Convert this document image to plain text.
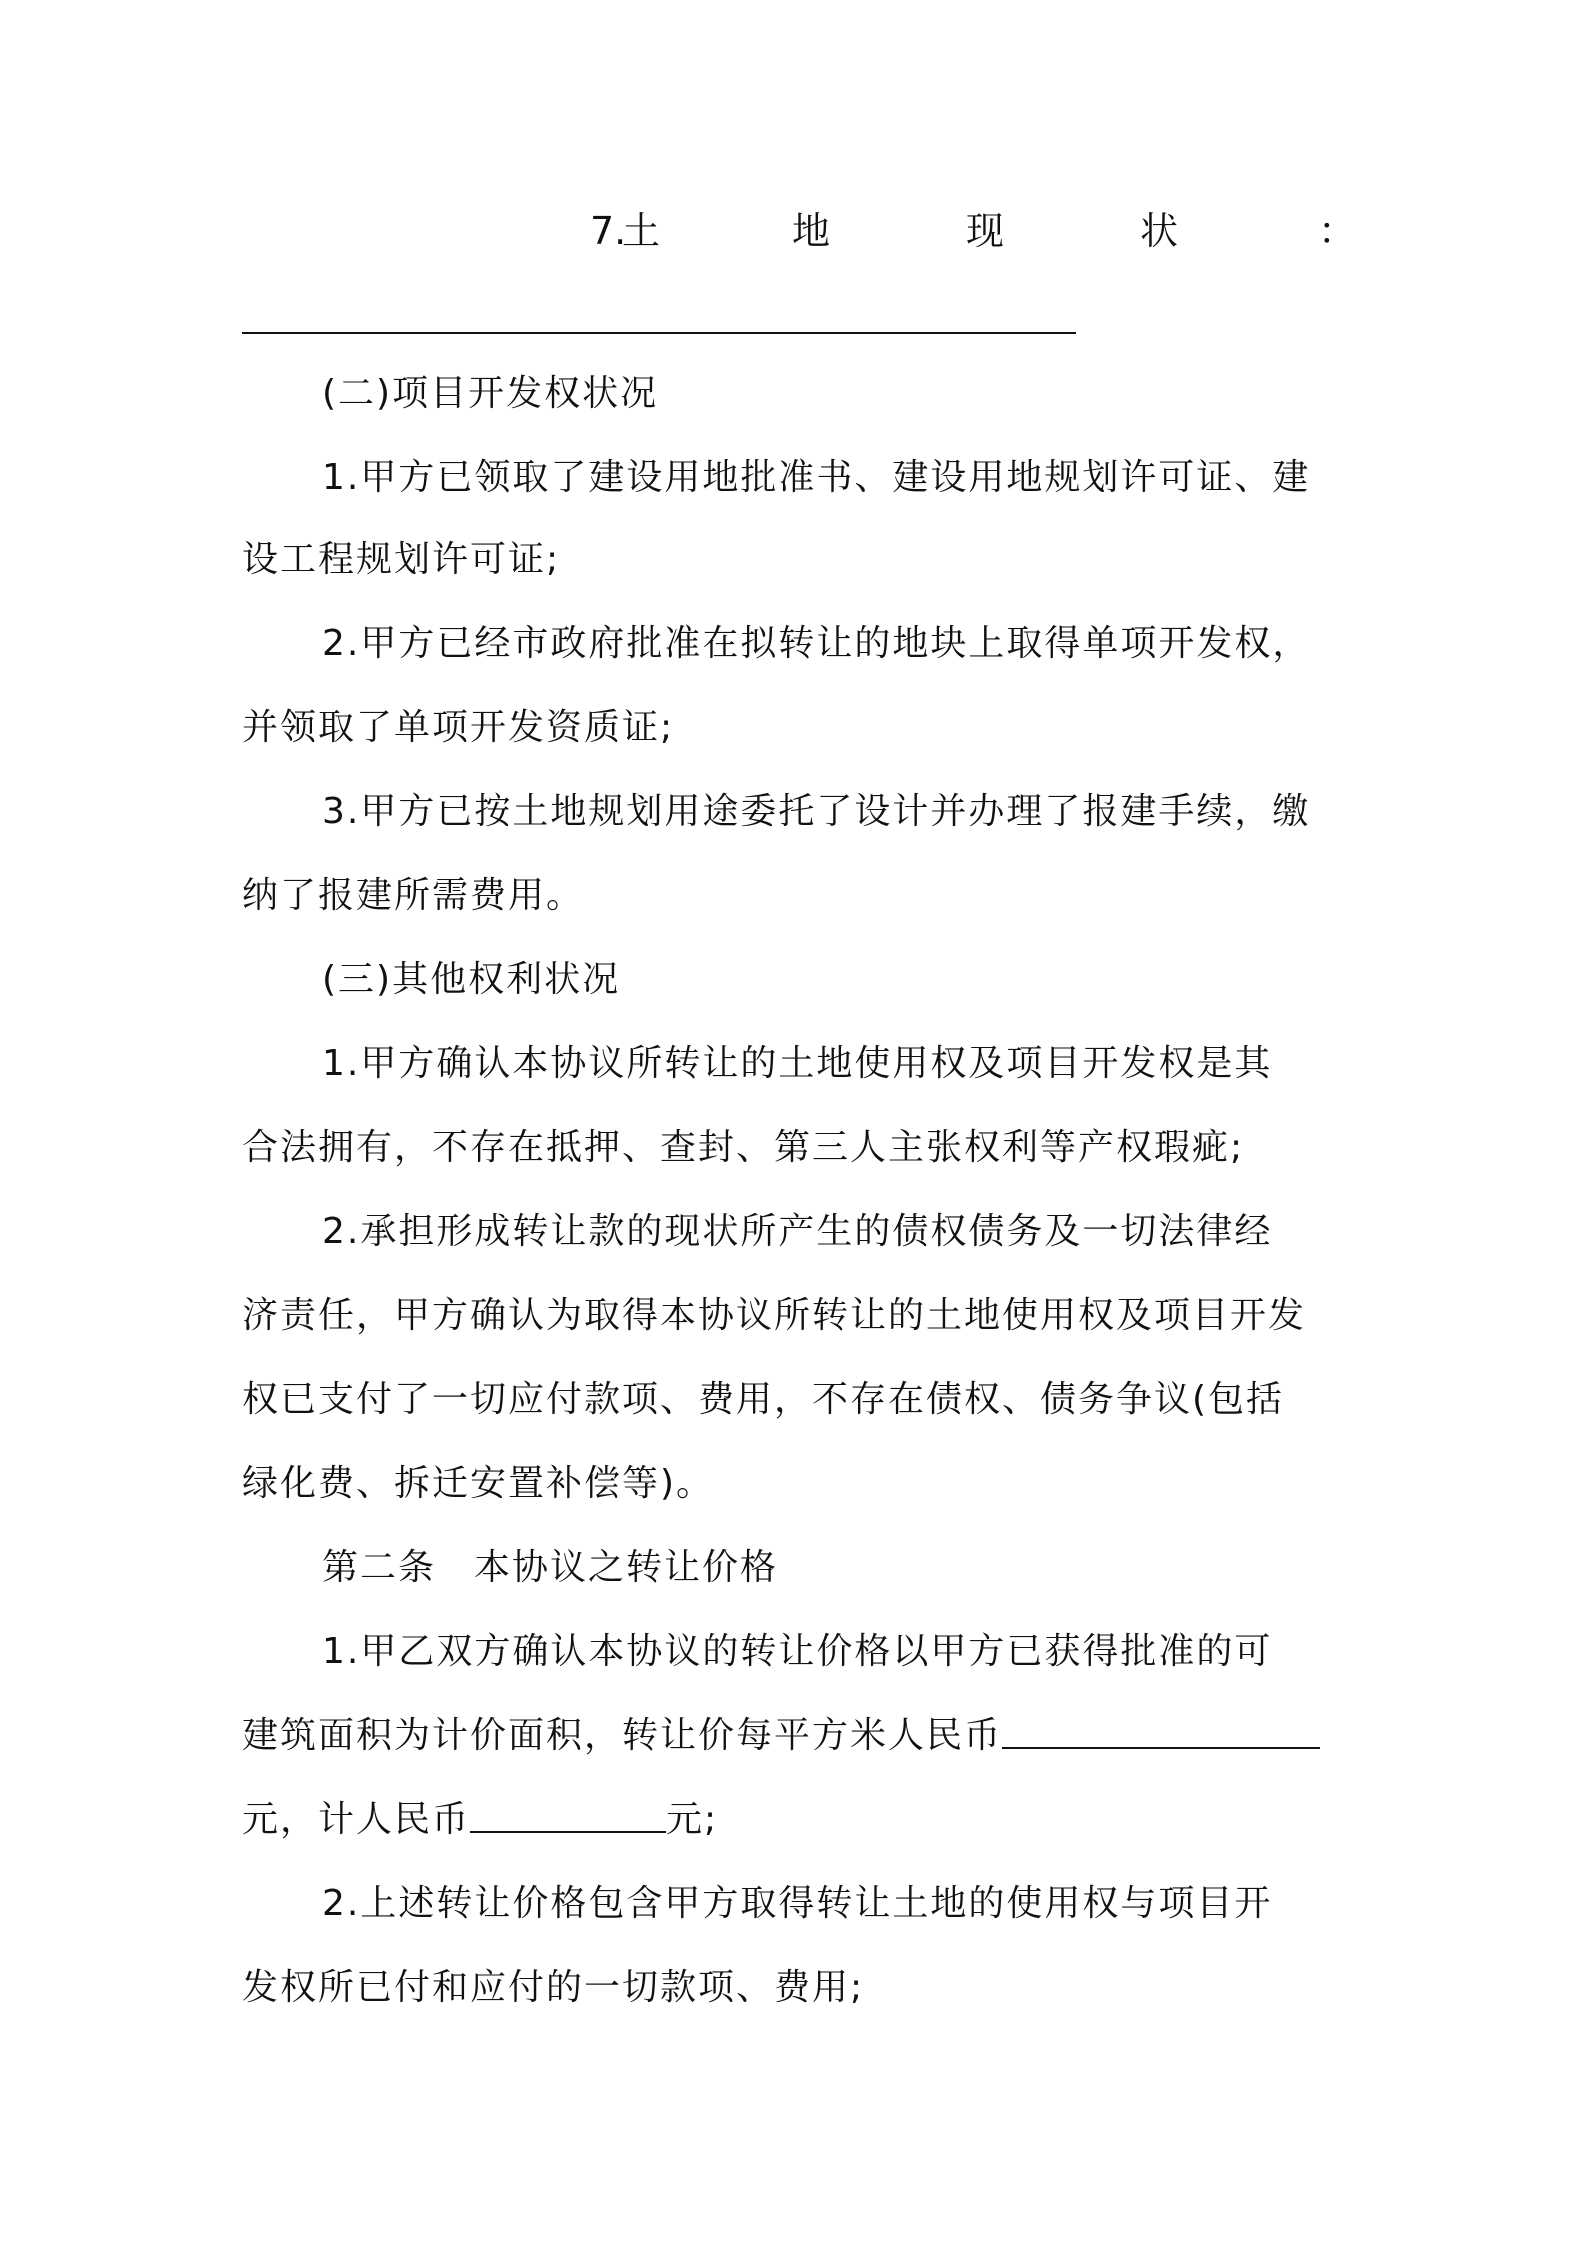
7.
土	地	现	状	：
(二)项目开发权状况
1.甲方已领取了建设用地批准书、建设用地规划许可证、建
设工程规划许可证;
2.甲方已经市政府批准在拟转让的地块上取得单项开发权，
并领取了单项开发资质证;
3.甲方已按土地规划用途委托了设计并办理了报建手续，缴
纳了报建所需费用。
(三)其他权利状况
1.甲方确认本协议所转让的土地使用权及项目开发权是其
合法拥有，不存在抵押、查封、第三人主张权利等产权瑕疵;
2.承担形成转让款的现状所产生的债权债务及一切法律经
济责任，甲方确认为取得本协议所转让的土地使用权及项目开发
权已支付了一切应付款项、费用，不存在债权、债务争议(包括
绿化费、拆迁安置补偿等)。
第二条　本协议之转让价格
1.甲乙双方确认本协议的转让价格以甲方已获得批准的可
建筑面积为计价面积，转让价每平方米人民币
元，计人民币	元;
2.上述转让价格包含甲方取得转让土地的使用权与项目开
发权所已付和应付的一切款项、费用;
